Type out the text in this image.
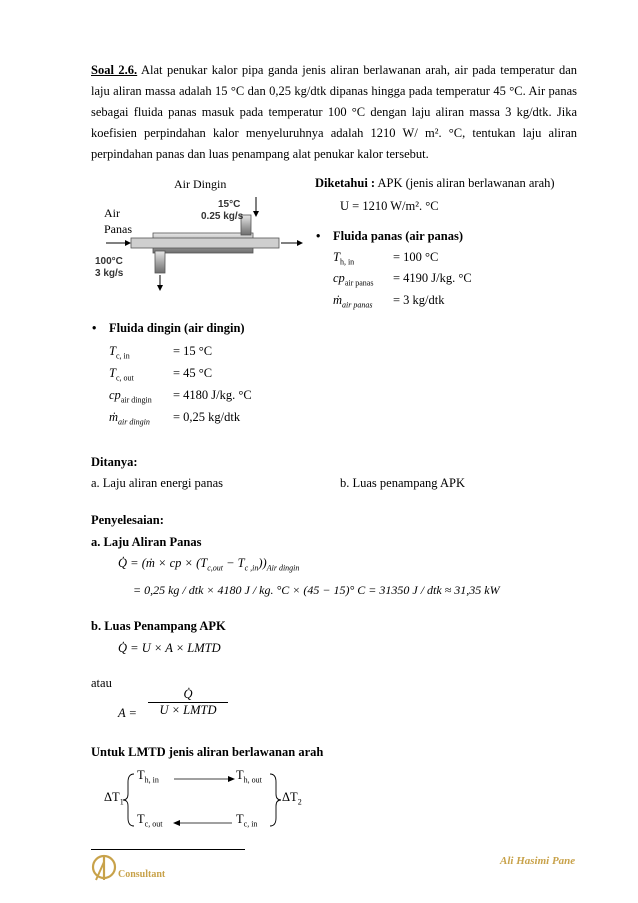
Soal 2.6. Alat penukar kalor pipa ganda jenis aliran berlawanan arah, air pada temperatur dan laju aliran massa adalah 15 °C dan 0,25 kg/dtk dipanas hingga pada temperatur 45 °C. Air panas sebagai fluida panas masuk pada temperatur 100 °C dengan laju aliran massa 3 kg/dtk. Jika koefisien perpindahan kalor menyeluruhnya adalah 1210 W/ m². °C, tentukan laju aliran perpindahan panas dan luas penampang alat penukar kalor tersebut.
Air Dingin
Air
Panas
15°C
0.25 kg/s
100°C
3 kg/s
Diketahui : APK (jenis aliran berlawanan arah)
U = 1210 W/m². °C
• Fluida panas (air panas)
$T_{h, in}$	= 100 °C
$cp_{air panas} = 4190$ J/kg. °C
ṁ$_{air panas}$ = 3 kg/dtk
• Fluida dingin (air dingin)
$T_{c, in}$	= 15 °C
$T_{c, out}$	= 45 °C
$cp_{air dingin} = 4180$ J/kg. °C
ṁ$_{air dingin}$ = 0,25 kg/dtk
Ditanya:
a. Laju aliran energi panas	b. Luas penampang APK
Penyelesaian:
a. Laju Aliran Panas
Q̇ = (ṁ × cp × $(T_{c,out} - T_{c ,in}))_{Air dingin}$
= 0,25 kg / dtk × 4180 J / kg. °C × (45 − 15)° C = 31350 J / dtk ≈ 31,35 kW
b. Luas Penampang APK
Q̇ = U × A × LMTD
atau
A =
Q̇
U × LMTD
Untuk LMTD jenis aliran berlawanan arah
$T_{h, in}$	$T_{h, out}$
$T_{c, out}$	$T_{c, in}$
$\Delta T_1$	$\Delta T_2$
Consultant
Ali Hasimi Pane
